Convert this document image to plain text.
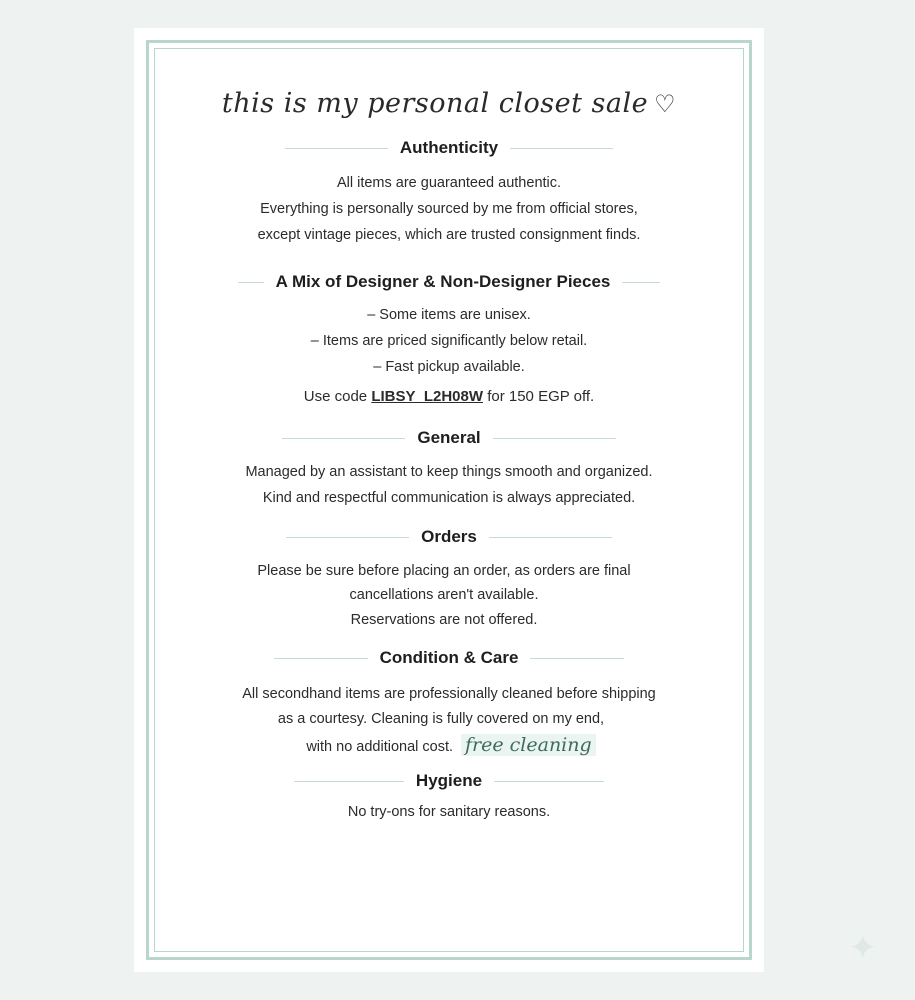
this is my personal closet sale ♡
Authenticity
All items are guaranteed authentic.
Everything is personally sourced by me from official stores,
except vintage pieces, which are trusted consignment finds.
A Mix of Designer & Non-Designer Pieces
– Some items are unisex.
– Items are priced significantly below retail.
– Fast pickup available.
Use code LIBSY_L2H08W for 150 EGP off.
General
Managed by an assistant to keep things smooth and organized.
Kind and respectful communication is always appreciated.
Orders
Please be sure before placing an order, as orders are final
cancellations aren't available.
Reservations are not offered.
Condition & Care
All secondhand items are professionally cleaned before shipping
as a courtesy. Cleaning is fully covered on my end,
with no additional cost. free cleaning
Hygiene
No try-ons for sanitary reasons.
✦
